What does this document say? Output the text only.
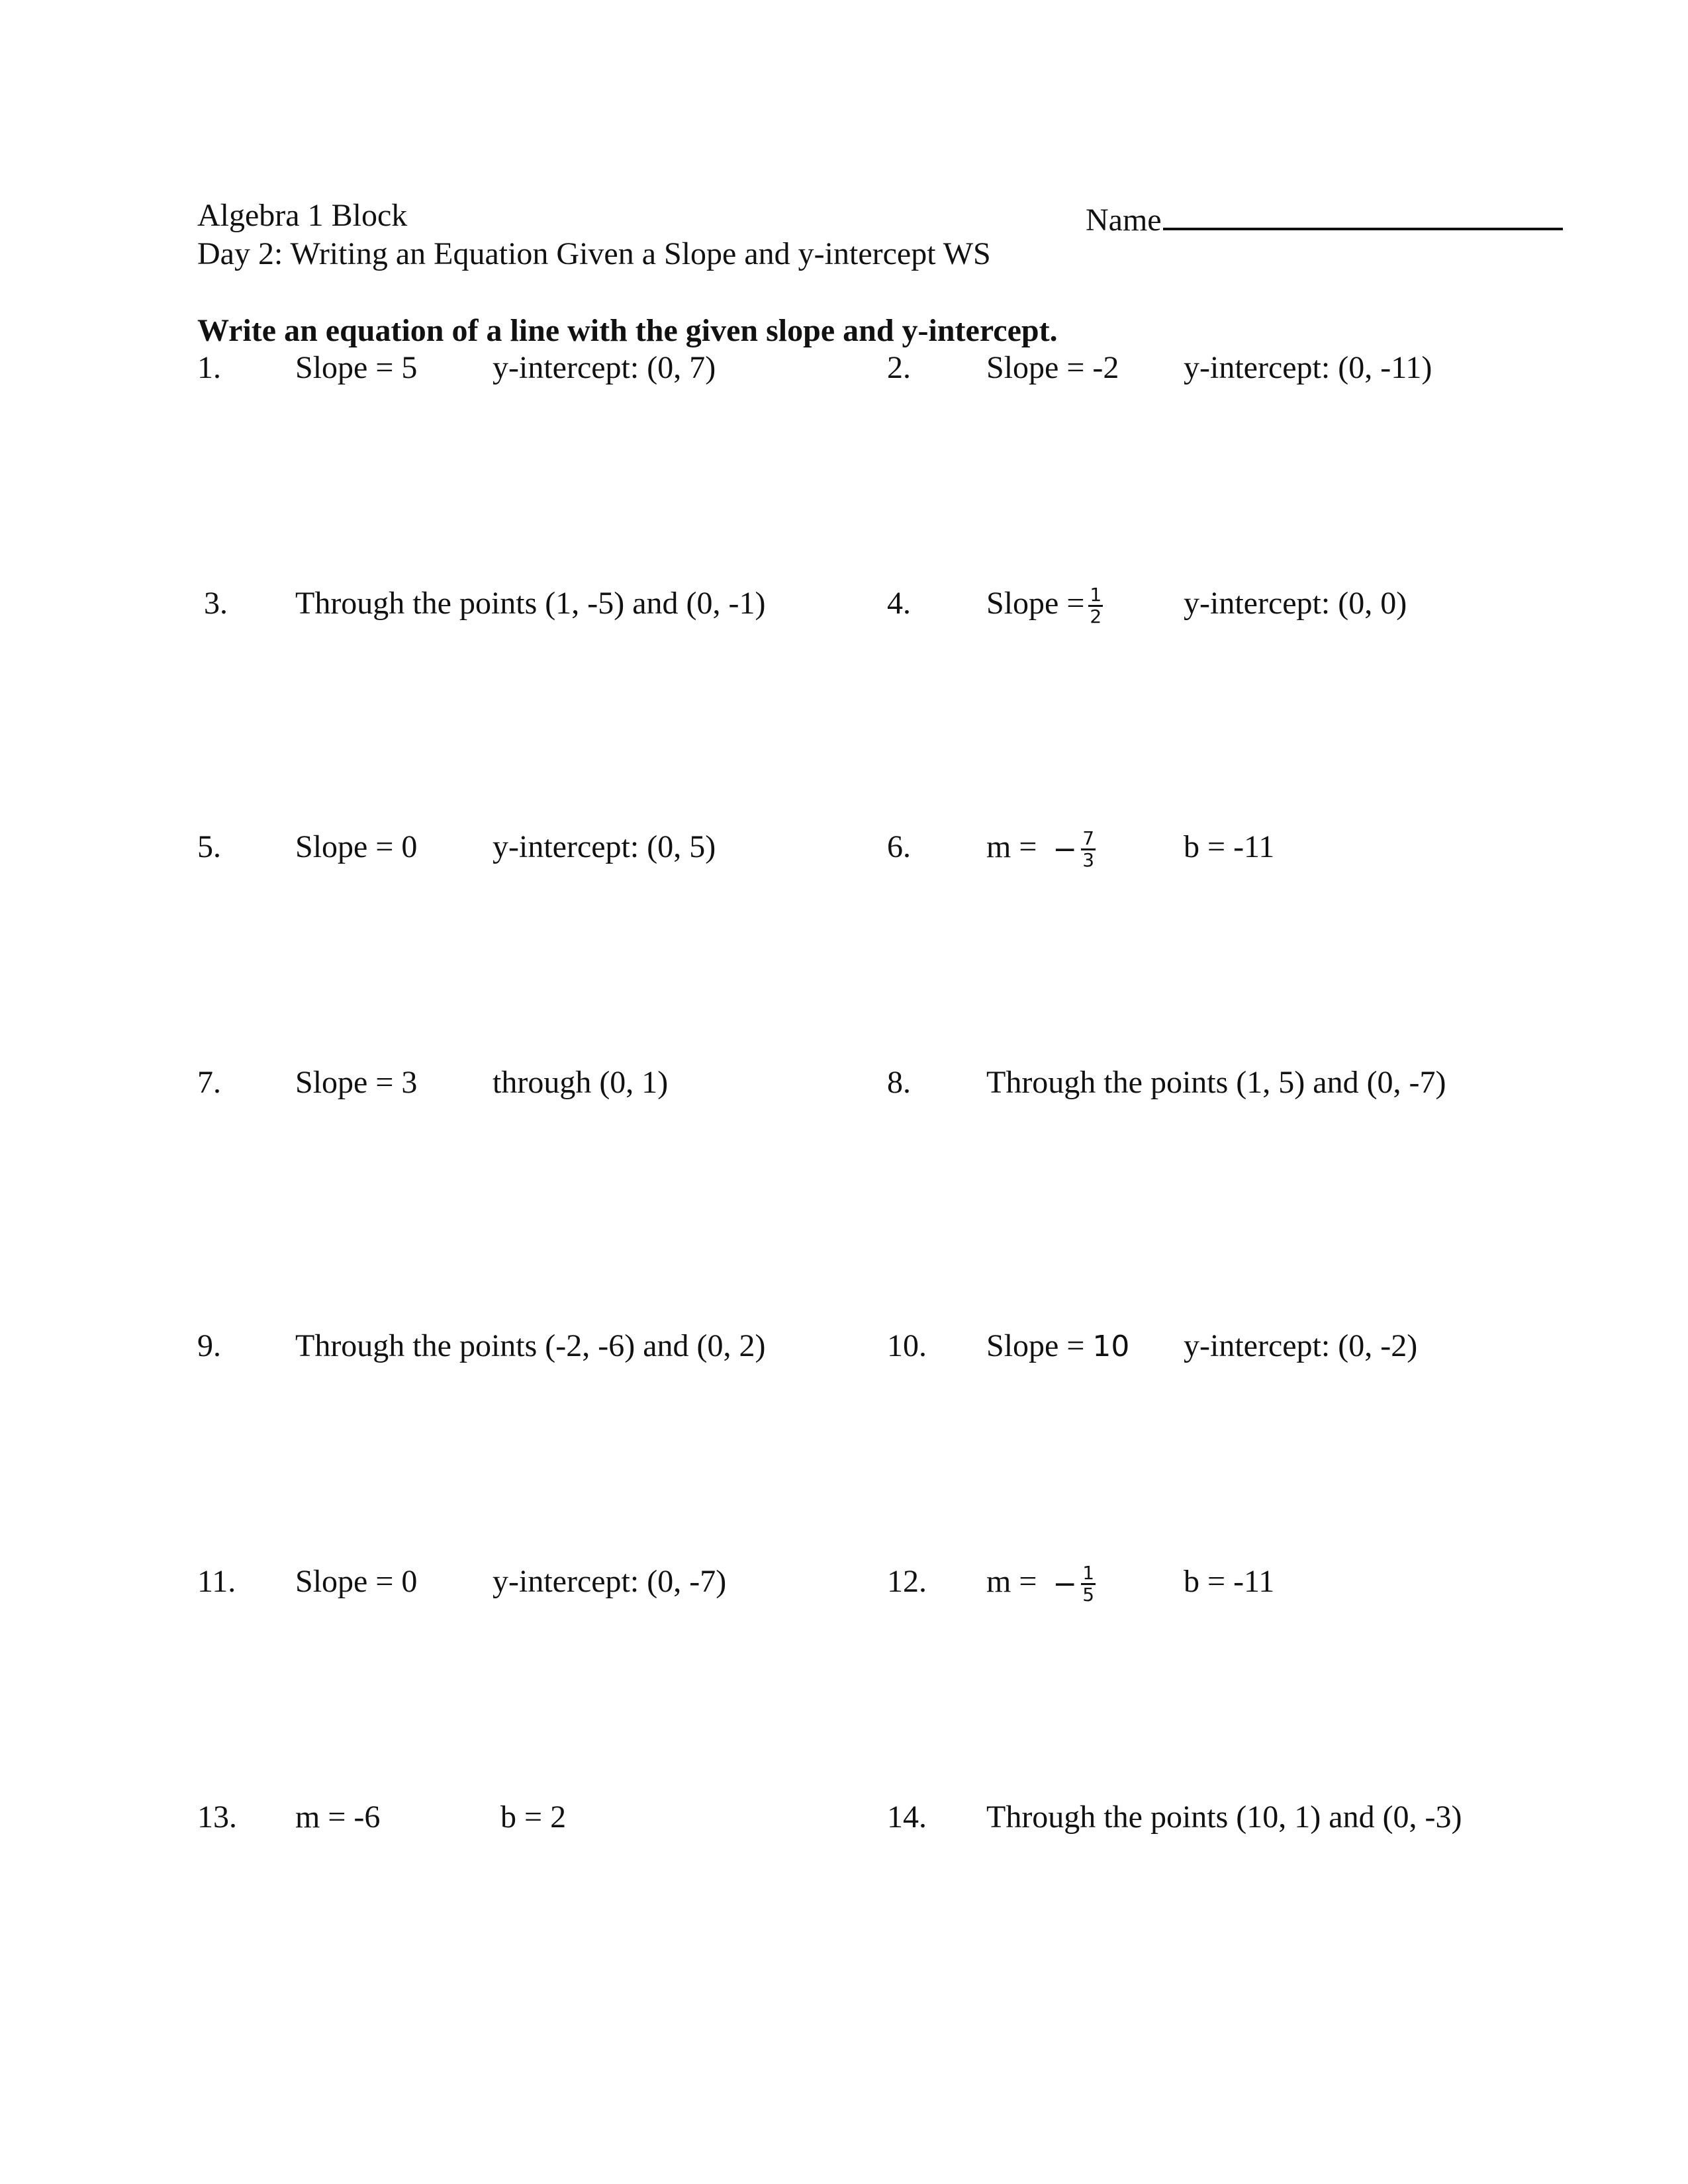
Algebra 1 Block
Day 2: Writing an Equation Given a Slope and y-intercept WS
Name
Write an equation of a line with the given slope and y-intercept.
1. Slope = 5 y-intercept: (0, 7)	2. Slope = -2 y-intercept: (0, -11)
3. Through the points (1, -5) and (0, -1)	4. Slope = $\frac{1}{2}$	y-intercept: (0, 0)
5. Slope = 0 y-intercept: (0, 5)	6. m = − $\frac{7}{3}$	b = -11
7. Slope = 3 through (0, 1)	8. Through the points (1, 5) and (0, -7)
9. Through the points (-2, -6) and (0, 2)	10. Slope = 10 y-intercept: (0, -2)
11. Slope = 0 y-intercept: (0, -7)	12. m = − $\frac{1}{5}$	b = -11
13. m = -6	b = 2	14. Through the points (10, 1) and (0, -3)
